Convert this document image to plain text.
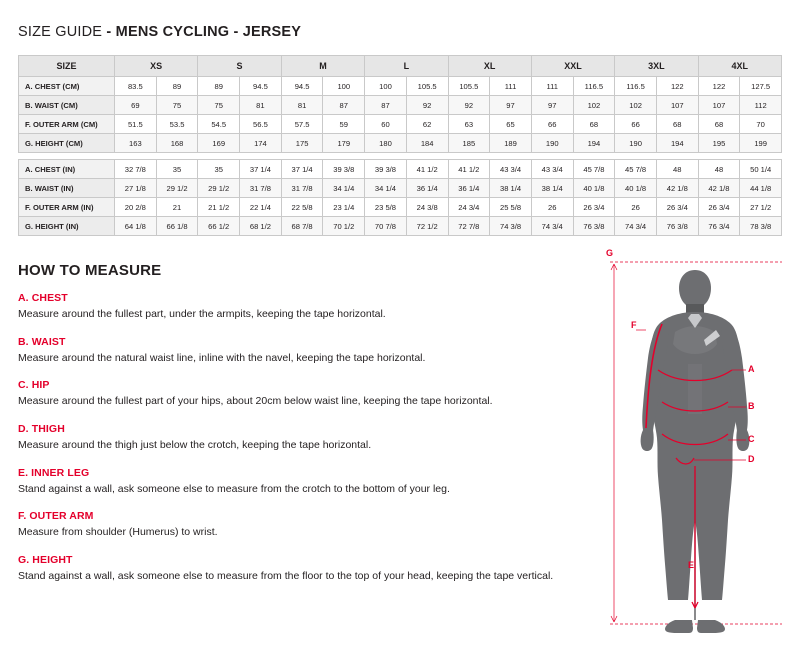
SIZE GUIDE - MENS CYCLING - JERSEY
SIZE	XS		S		M		L		XL		XXL		3XL		4XL	
A. CHEST (CM)	83.5	89	89	94.5	94.5	100	100	105.5	105.5	111	111	116.5	116.5	122	122	127.5
B. WAIST (CM)	69	75	75	81	81	87	87	92	92	97	97	102	102	107	107	112
F. OUTER ARM (CM)	51.5	53.5	54.5	56.5	57.5	59	60	62	63	65	66	68	66	68	68	70
G. HEIGHT (CM)	163	168	169	174	175	179	180	184	185	189	190	194	190	194	195	199

A. CHEST (IN)	32 7/8	35	35	37 1/4	37 1/4	39 3/8	39 3/8	41 1/2	41 1/2	43 3/4	43 3/4	45 7/8	45 7/8	48	48	50 1/4
B. WAIST (IN)	27 1/8	29 1/2	29 1/2	31 7/8	31 7/8	34 1/4	34 1/4	36 1/4	36 1/4	38 1/4	38 1/4	40 1/8	40 1/8	42 1/8	42 1/8	44 1/8
F. OUTER ARM (IN)	20 2/8	21	21 1/2	22 1/4	22 5/8	23 1/4	23 5/8	24 3/8	24 3/4	25 5/8	26	26 3/4	26	26 3/4	26 3/4	27 1/2
G. HEIGHT (IN)	64 1/8	66 1/8	66 1/2	68 1/2	68 7/8	70 1/2	70 7/8	72 1/2	72 7/8	74 3/8	74 3/4	76 3/8	74 3/4	76 3/8	76 3/4	78 3/8
HOW TO MEASURE
A. CHEST
Measure around the fullest part, under the armpits, keeping the tape horizontal.
B. WAIST
Measure around the natural waist line, inline with the navel, keeping the tape horizontal.
C. HIP
Measure around the fullest part of your hips, about 20cm below waist line, keeping the tape horizontal.
D. THIGH
Measure around the thigh just below the crotch, keeping the tape horizontal.
E. INNER LEG
Stand against a wall, ask someone else to measure from the crotch to the bottom of your leg.
F. OUTER ARM
Measure from shoulder (Humerus) to wrist.
G. HEIGHT
Stand against a wall, ask someone else to measure from the floor to the top of your head, keeping the tape vertical.
G
F
A
B
C
D
E
